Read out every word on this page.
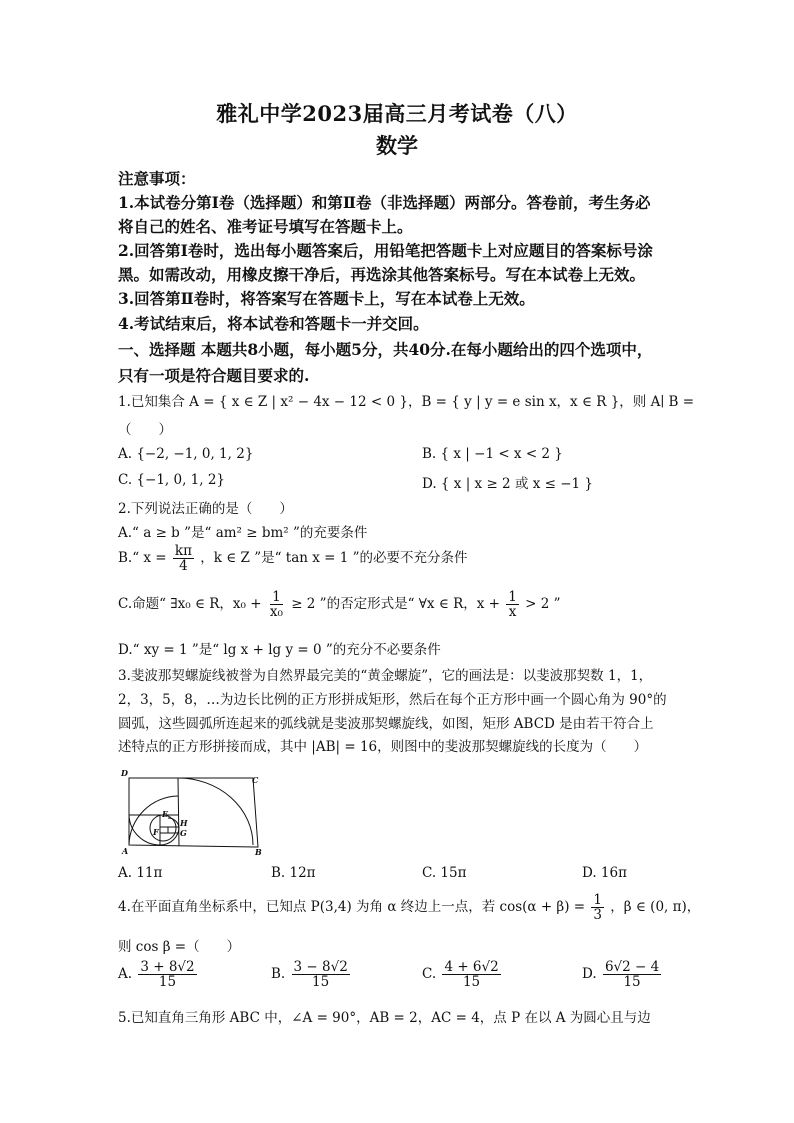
雅礼中学2023届高三月考试卷（八）
数学
注意事项：
1.本试卷分第Ⅰ卷（选择题）和第Ⅱ卷（非选择题）两部分。答卷前，考生务必
将自己的姓名、准考证号填写在答题卡上。
2.回答第Ⅰ卷时，选出每小题答案后，用铅笔把答题卡上对应题目的答案标号涂
黑。如需改动，用橡皮擦干净后，再选涂其他答案标号。写在本试卷上无效。
3.回答第Ⅱ卷时，将答案写在答题卡上，写在本试卷上无效。
4.考试结束后，将本试卷和答题卡一并交回。
一、选择题 本题共8小题，每小题5分，共40分.在每小题给出的四个选项中，
只有一项是符合题目要求的.
1.已知集合 A = { x ∈ Z | x² − 4x − 12 < 0 }，B = { y | y = e sin x，x ∈ R }，则 A∣ B =
（　　）
A. {−2, −1, 0, 1, 2}	B. { x | −1 < x < 2 }
C. {−1, 0, 1, 2}	D. { x | x ≥ 2 或 x ≤ −1 }
2.下列说法正确的是（　　）
A.“ a ≥ b ”是“ am² ≥ bm² ”的充要条件
B.“ $x = \frac{k\pi}{4}$ ，k ∈ Z ”是“ tan x = 1 ”的必要不充分条件
C.命题“ ∃x₀ ∈ R，$x_0 + \frac{1}{\text{x₀}} \ge 2$ ”的否定形式是“ ∀x ∈ R，$x + \frac{1}{x} > 2$ ”
D.“ xy = 1 ”是“ lg x + lg y = 0 ”的充分不必要条件
3.斐波那契螺旋线被誉为自然界最完美的“黄金螺旋”，它的画法是：以斐波那契数 1，1，
2，3，5，8，…为边长比例的正方形拼成矩形，然后在每个正方形中画一个圆心角为 90°的
圆弧，这些圆弧所连起来的弧线就是斐波那契螺旋线，如图，矩形 ABCD 是由若干符合上
述特点的正方形拼接而成，其中 |AB| = 16，则图中的斐波那契螺旋线的长度为（　　）
D
C
A	B
E
F
H
G
A. 11π	B. 12π	C. 15π	D. 16π
4.在平面直角坐标系中，已知点 P(3,4) 为角 α 终边上一点，若 $\cos(\alpha + \beta) = \frac{1}{3}$ ，β ∈ (0, π)，
则 cos β =（　　）
A. $\frac{3 + 8√2}{15}$	B. $\frac{3 - 8√2}{15}$	C. $\frac{4 + 6√2}{15}$	D. $\frac{6√2 - 4}{15}$
5.已知直角三角形 ABC 中，∠A = 90°，AB = 2，AC = 4，点 P 在以 A 为圆心且与边
